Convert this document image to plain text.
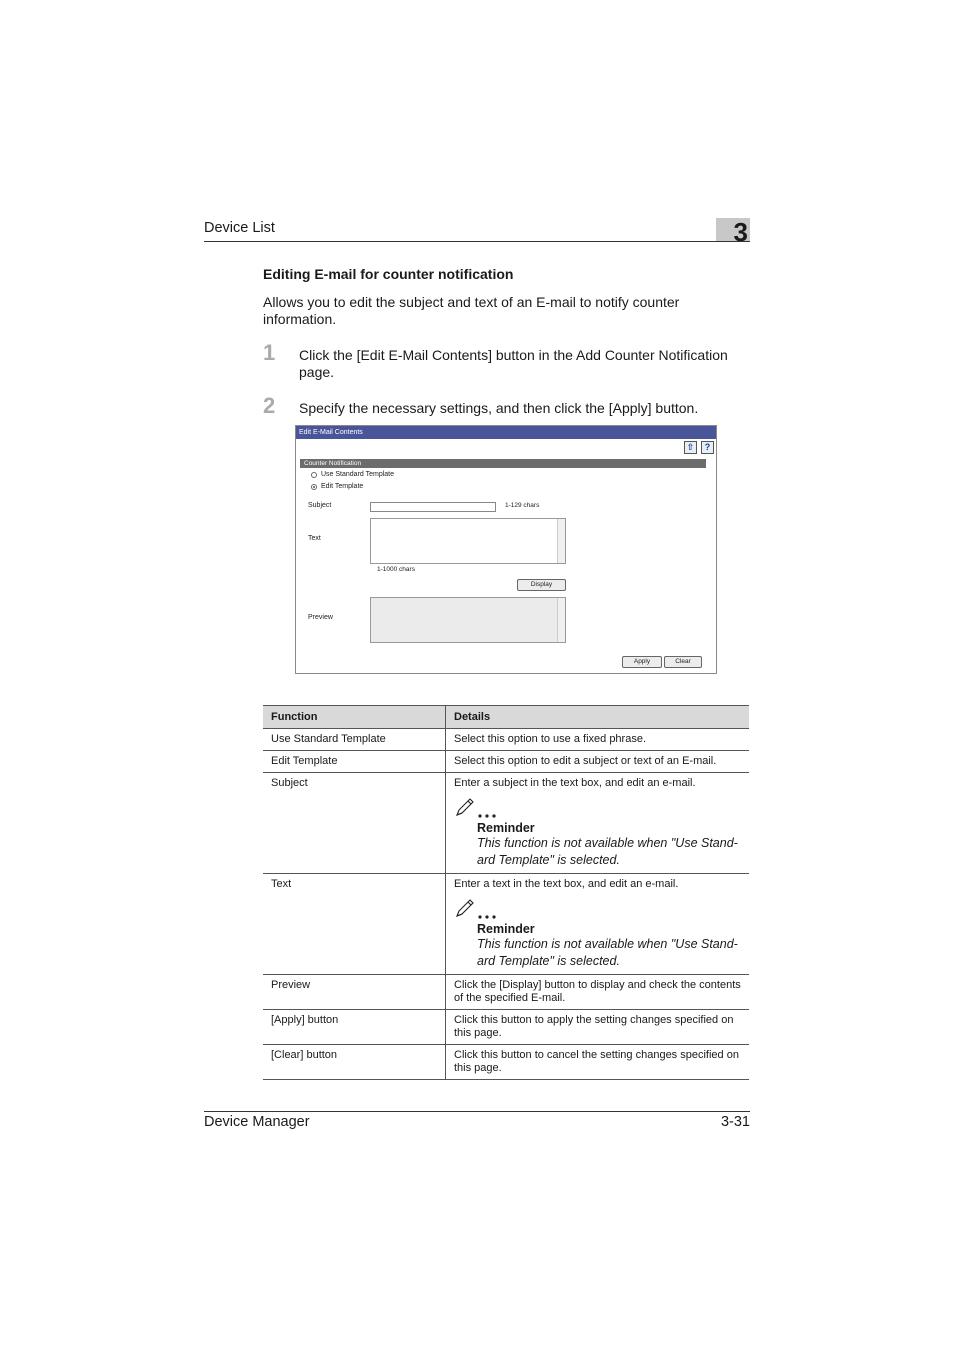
Device List	3
Editing E-mail for counter notification
Allows you to edit the subject and text of an E-mail to notify counter information.
1 Click the [Edit E-Mail Contents] button in the Add Counter Notification page.
2 Specify the necessary settings, and then click the [Apply] button.
Edit E-Mail Contents
⇧	?
Counter Notification
Use Standard Template
Edit Template
Subject	1-129 chars
Text
1-1000 chars
Display
Preview
Apply	Clear
Function	Details
Use Standard Template	Select this option to use a fixed phrase.
Edit Template	Select this option to edit a subject or text of an E-mail.
Subject	Enter a subject in the text box, and edit an e-mail.
Reminder
This function is not available when "Use Stand-ard Template" is selected.

Text	Enter a text in the text box, and edit an e-mail.
Reminder
This function is not available when "Use Stand-ard Template" is selected.

Preview	Click the [Display] button to display and check the contents of the specified E-mail.
[Apply] button	Click this button to apply the setting changes specified on this page.
[Clear] button	Click this button to cancel the setting changes specified on this page.
Device Manager	3-31
